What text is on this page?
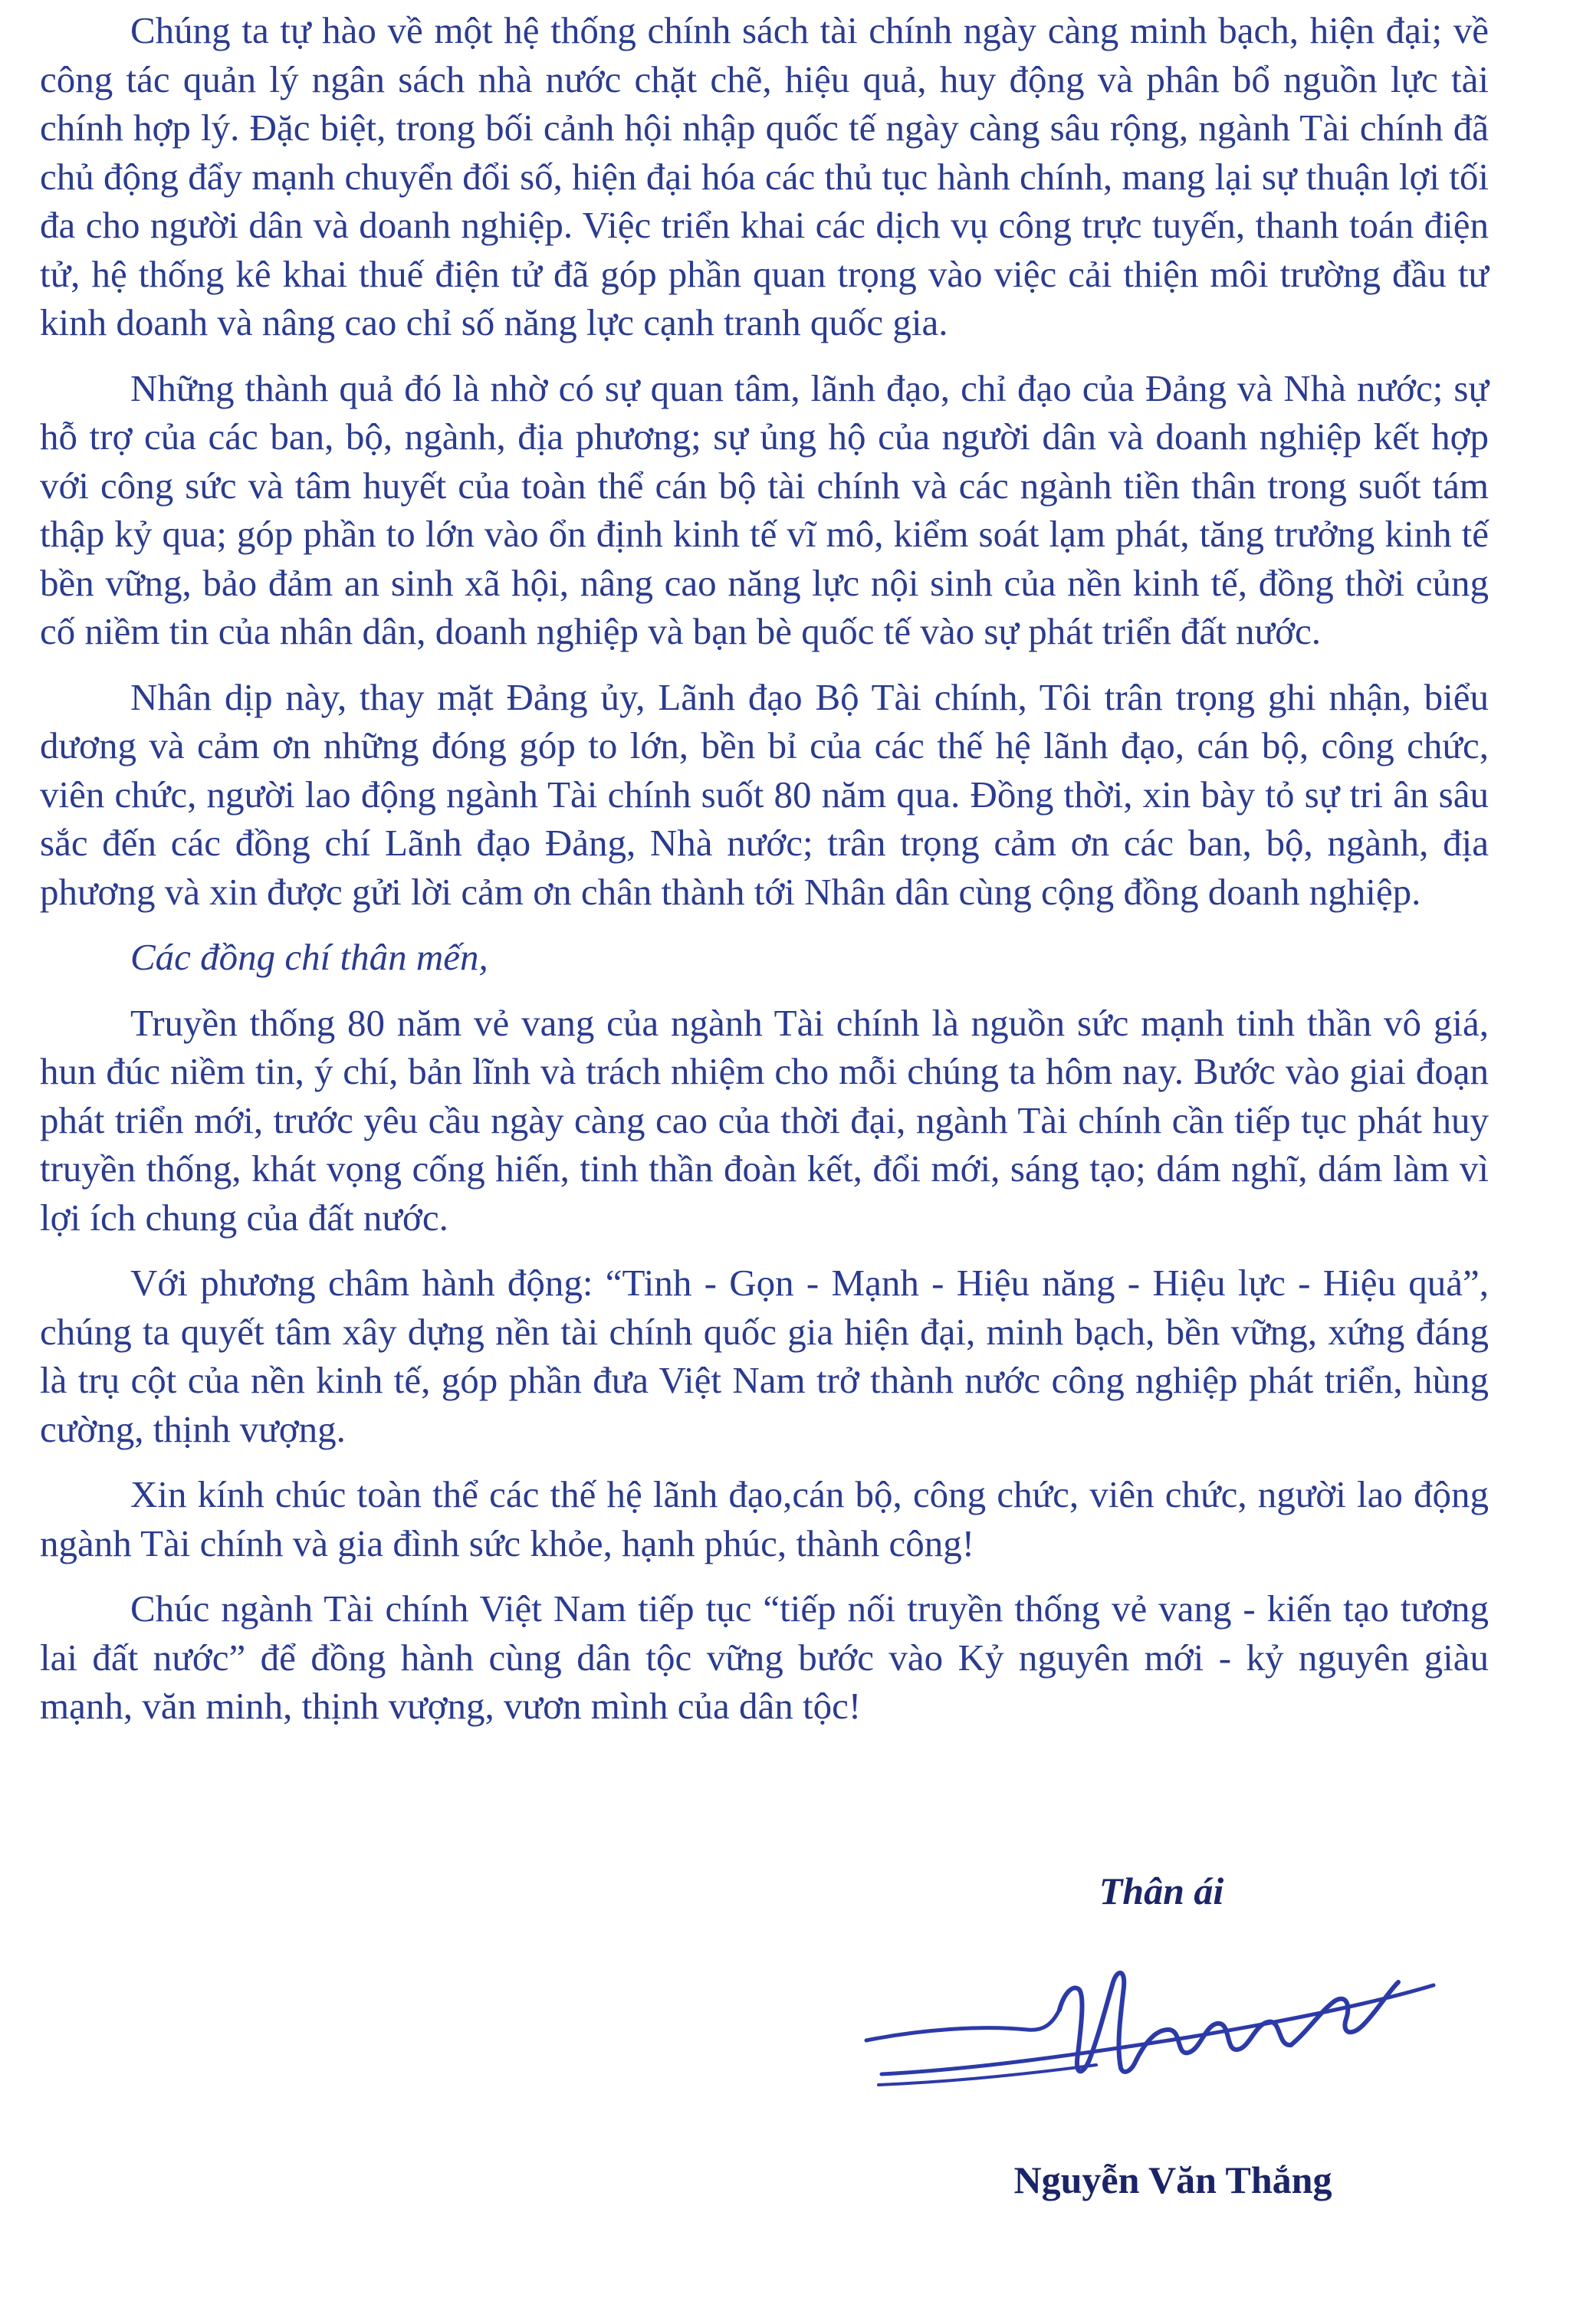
Chúng ta tự hào về một hệ thống chính sách tài chính ngày càng minh bạch, hiện đại; về công tác quản lý ngân sách nhà nước chặt chẽ, hiệu quả, huy động và phân bổ nguồn lực tài chính hợp lý. Đặc biệt, trong bối cảnh hội nhập quốc tế ngày càng sâu rộng, ngành Tài chính đã chủ động đẩy mạnh chuyển đổi số, hiện đại hóa các thủ tục hành chính, mang lại sự thuận lợi tối đa cho người dân và doanh nghiệp. Việc triển khai các dịch vụ công trực tuyến, thanh toán điện tử, hệ thống kê khai thuế điện tử đã góp phần quan trọng vào việc cải thiện môi trường đầu tư kinh doanh và nâng cao chỉ số năng lực cạnh tranh quốc gia.

Những thành quả đó là nhờ có sự quan tâm, lãnh đạo, chỉ đạo của Đảng và Nhà nước; sự hỗ trợ của các ban, bộ, ngành, địa phương; sự ủng hộ của người dân và doanh nghiệp kết hợp với công sức và tâm huyết của toàn thể cán bộ tài chính và các ngành tiền thân trong suốt tám thập kỷ qua; góp phần to lớn vào ổn định kinh tế vĩ mô, kiểm soát lạm phát, tăng trưởng kinh tế bền vững, bảo đảm an sinh xã hội, nâng cao năng lực nội sinh của nền kinh tế, đồng thời củng cố niềm tin của nhân dân, doanh nghiệp và bạn bè quốc tế vào sự phát triển đất nước.

Nhân dịp này, thay mặt Đảng ủy, Lãnh đạo Bộ Tài chính, Tôi trân trọng ghi nhận, biểu dương và cảm ơn những đóng góp to lớn, bền bỉ của các thế hệ lãnh đạo, cán bộ, công chức, viên chức, người lao động ngành Tài chính suốt 80 năm qua. Đồng thời, xin bày tỏ sự tri ân sâu sắc đến các đồng chí Lãnh đạo Đảng, Nhà nước; trân trọng cảm ơn các ban, bộ, ngành, địa phương và xin được gửi lời cảm ơn chân thành tới Nhân dân cùng cộng đồng doanh nghiệp.

Các đồng chí thân mến,

Truyền thống 80 năm vẻ vang của ngành Tài chính là nguồn sức mạnh tinh thần vô giá, hun đúc niềm tin, ý chí, bản lĩnh và trách nhiệm cho mỗi chúng ta hôm nay. Bước vào giai đoạn phát triển mới, trước yêu cầu ngày càng cao của thời đại, ngành Tài chính cần tiếp tục phát huy truyền thống, khát vọng cống hiến, tinh thần đoàn kết, đổi mới, sáng tạo; dám nghĩ, dám làm vì lợi ích chung của đất nước.

Với phương châm hành động: “Tinh - Gọn - Mạnh - Hiệu năng - Hiệu lực - Hiệu quả”, chúng ta quyết tâm xây dựng nền tài chính quốc gia hiện đại, minh bạch, bền vững, xứng đáng là trụ cột của nền kinh tế, góp phần đưa Việt Nam trở thành nước công nghiệp phát triển, hùng cường, thịnh vượng.

Xin kính chúc toàn thể các thế hệ lãnh đạo,cán bộ, công chức, viên chức, người lao động ngành Tài chính và gia đình sức khỏe, hạnh phúc, thành công!

Chúc ngành Tài chính Việt Nam tiếp tục “tiếp nối truyền thống vẻ vang - kiến tạo tương lai đất nước” để đồng hành cùng dân tộc vững bước vào Kỷ nguyên mới - kỷ nguyên giàu mạnh, văn minh, thịnh vượng, vươn mình của dân tộc!

Thân ái
Nguyễn Văn Thắng
